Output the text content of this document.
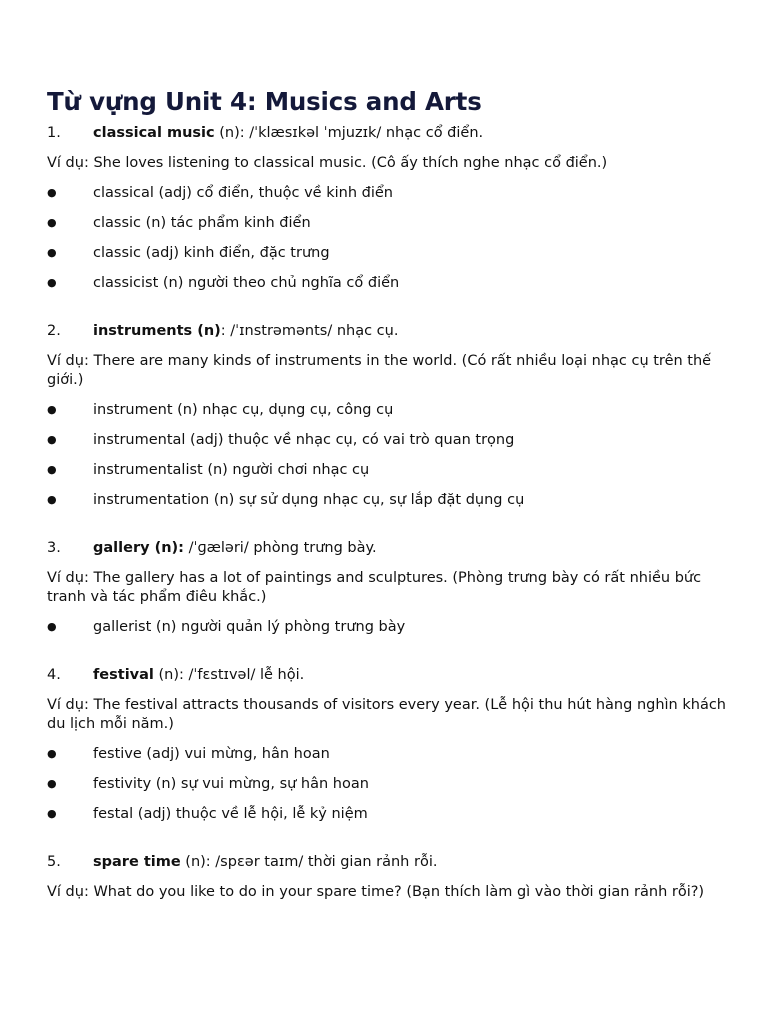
Từ vựng Unit 4: Musics and Arts
1.	classical music (n): /ˈklæsɪkəl ˈmjuzɪk/ nhạc cổ điển.
Ví dụ: She loves listening to classical music. (Cô ấy thích nghe nhạc cổ điển.)
●
classical (adj) cổ điển, thuộc về kinh điển
●
classic (n) tác phẩm kinh điển
●
classic (adj) kinh điển, đặc trưng
●
classicist (n) người theo chủ nghĩa cổ điển
2.	instruments (n): /ˈɪnstrəmənts/ nhạc cụ.
Ví dụ: There are many kinds of instruments in the world. (Có rất nhiều loại nhạc cụ trên thế giới.)
●
instrument (n) nhạc cụ, dụng cụ, công cụ
●
instrumental (adj) thuộc về nhạc cụ, có vai trò quan trọng
●
instrumentalist (n) người chơi nhạc cụ
●
instrumentation (n) sự sử dụng nhạc cụ, sự lắp đặt dụng cụ
3.	gallery (n): /ˈɡæləri/ phòng trưng bày.
Ví dụ: The gallery has a lot of paintings and sculptures. (Phòng trưng bày có rất nhiều bức tranh và tác phẩm điêu khắc.)
●
gallerist (n) người quản lý phòng trưng bày
4.	festival (n): /ˈfɛstɪvəl/ lễ hội.
Ví dụ: The festival attracts thousands of visitors every year. (Lễ hội thu hút hàng nghìn khách du lịch mỗi năm.)
●
festive (adj) vui mừng, hân hoan
●
festivity (n) sự vui mừng, sự hân hoan
●
festal (adj) thuộc về lễ hội, lễ kỷ niệm
5.	spare time (n): /spɛər taɪm/ thời gian rảnh rỗi.
Ví dụ: What do you like to do in your spare time? (Bạn thích làm gì vào thời gian rảnh rỗi?)
